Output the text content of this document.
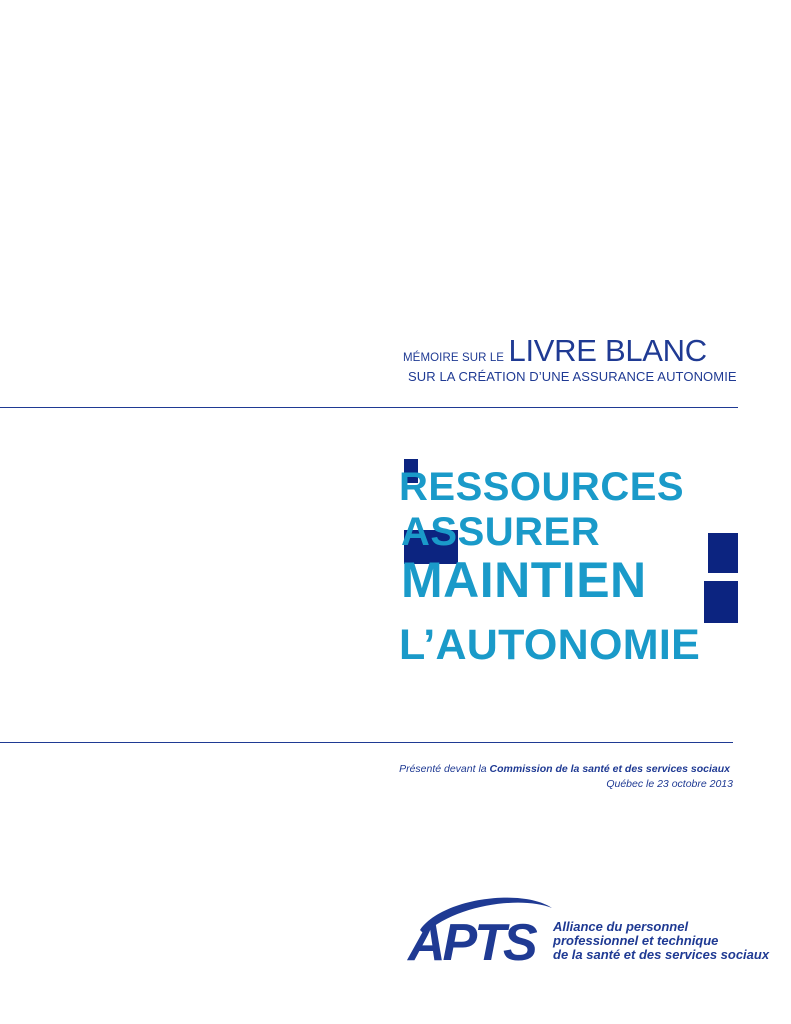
MÉMOIRE SUR LE LIVRE BLANC
SUR LA CRÉATION D’UNE ASSURANCE AUTONOMIE
RESSOURCES
ASSURER
MAINTIEN
L’AUTONOMIE
Présenté devant la Commission de la santé et des services sociaux
Québec le 23 octobre 2013
APTS Alliance du personnel
professionnel et technique
de la santé et des services sociaux
